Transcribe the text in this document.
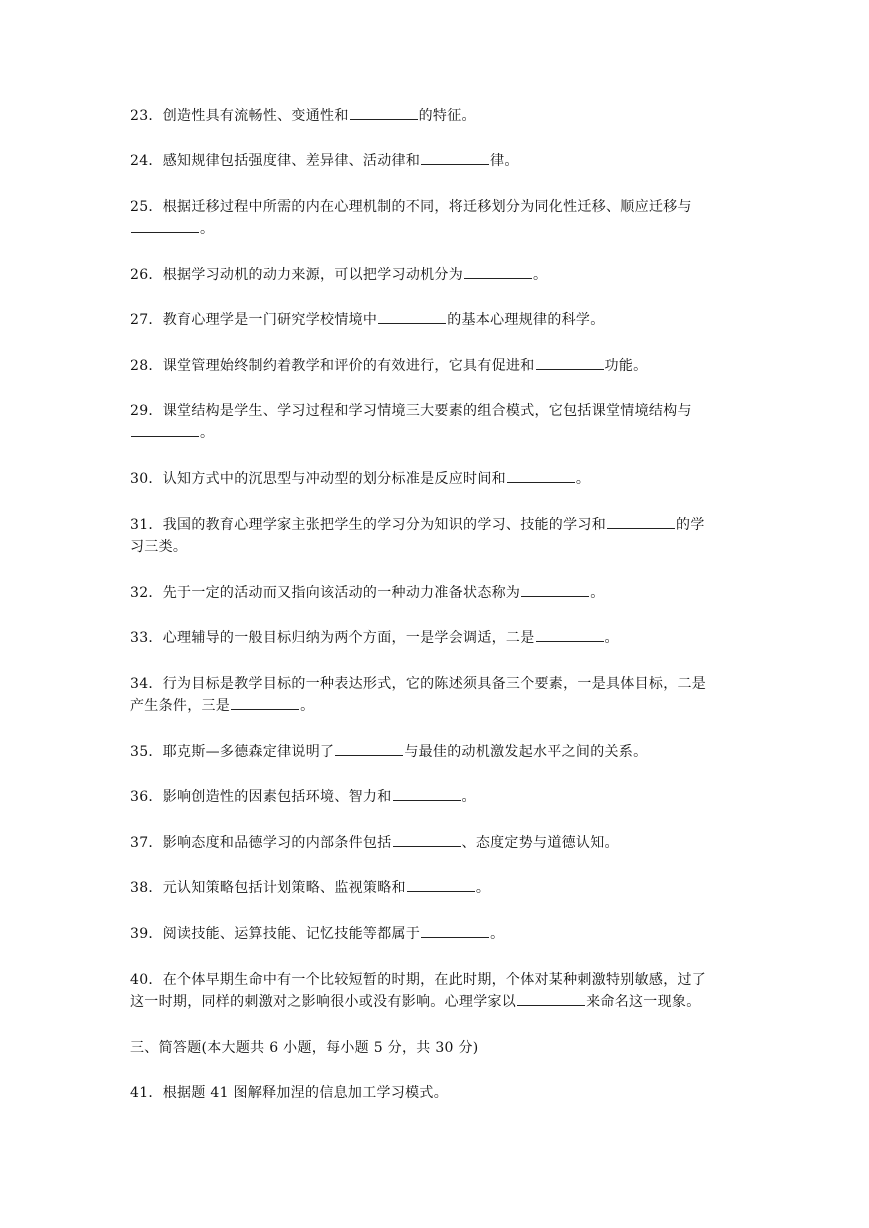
23．创造性具有流畅性、变通性和	的特征。
24．感知规律包括强度律、差异律、活动律和	律。
25．根据迁移过程中所需的内在心理机制的不同，将迁移划分为同化性迁移、顺应迁移与
。
26．根据学习动机的动力来源，可以把学习动机分为	。
27．教育心理学是一门研究学校情境中	的基本心理规律的科学。
28．课堂管理始终制约着教学和评价的有效进行，它具有促进和	功能。
29．课堂结构是学生、学习过程和学习情境三大要素的组合模式，它包括课堂情境结构与
。
30．认知方式中的沉思型与冲动型的划分标准是反应时间和	。
31．我国的教育心理学家主张把学生的学习分为知识的学习、技能的学习和	的学
习三类。
32．先于一定的活动而又指向该活动的一种动力准备状态称为	。
33．心理辅导的一般目标归纳为两个方面，一是学会调适，二是	。
34．行为目标是教学目标的一种表达形式，它的陈述须具备三个要素，一是具体目标，二是
产生条件，三是	。
35．耶克斯—多德森定律说明了	与最佳的动机激发起水平之间的关系。
36．影响创造性的因素包括环境、智力和	。
37．影响态度和品德学习的内部条件包括	、态度定势与道德认知。
38．元认知策略包括计划策略、监视策略和	。
39．阅读技能、运算技能、记忆技能等都属于	。
40．在个体早期生命中有一个比较短暂的时期，在此时期，个体对某种刺激特别敏感，过了
这一时期，同样的刺激对之影响很小或没有影响。心理学家以	来命名这一现象。
三、简答题(本大题共 6 小题，每小题 5 分，共 30 分)
41．根据题 41 图解释加涅的信息加工学习模式。
